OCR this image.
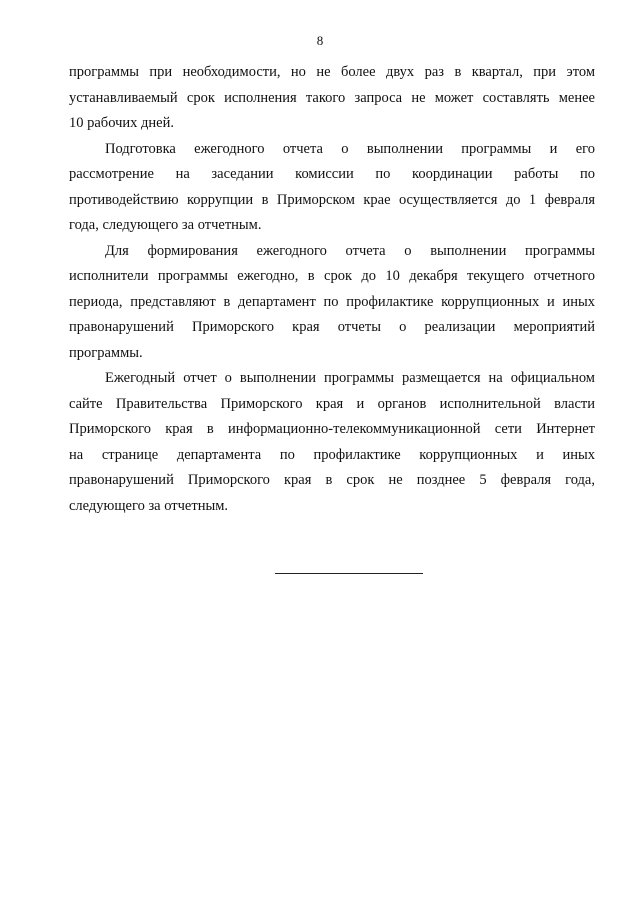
8
программы при необходимости, но не более двух раз в квартал, при этом
устанавливаемый срок исполнения такого запроса не может составлять менее
10 рабочих дней.
Подготовка ежегодного отчета о выполнении программы и его
рассмотрение на заседании комиссии по координации работы по
противодействию коррупции в Приморском крае осуществляется до 1 февраля
года, следующего за отчетным.
Для формирования ежегодного отчета о выполнении программы
исполнители программы ежегодно, в срок до 10 декабря текущего отчетного
периода, представляют в департамент по профилактике коррупционных и иных
правонарушений Приморского края отчеты о реализации мероприятий
программы.
Ежегодный отчет о выполнении программы размещается на официальном
сайте Правительства Приморского края и органов исполнительной власти
Приморского края в информационно-телекоммуникационной сети Интернет
на странице департамента по профилактике коррупционных и иных
правонарушений Приморского края в срок не позднее 5 февраля года,
следующего за отчетным.
